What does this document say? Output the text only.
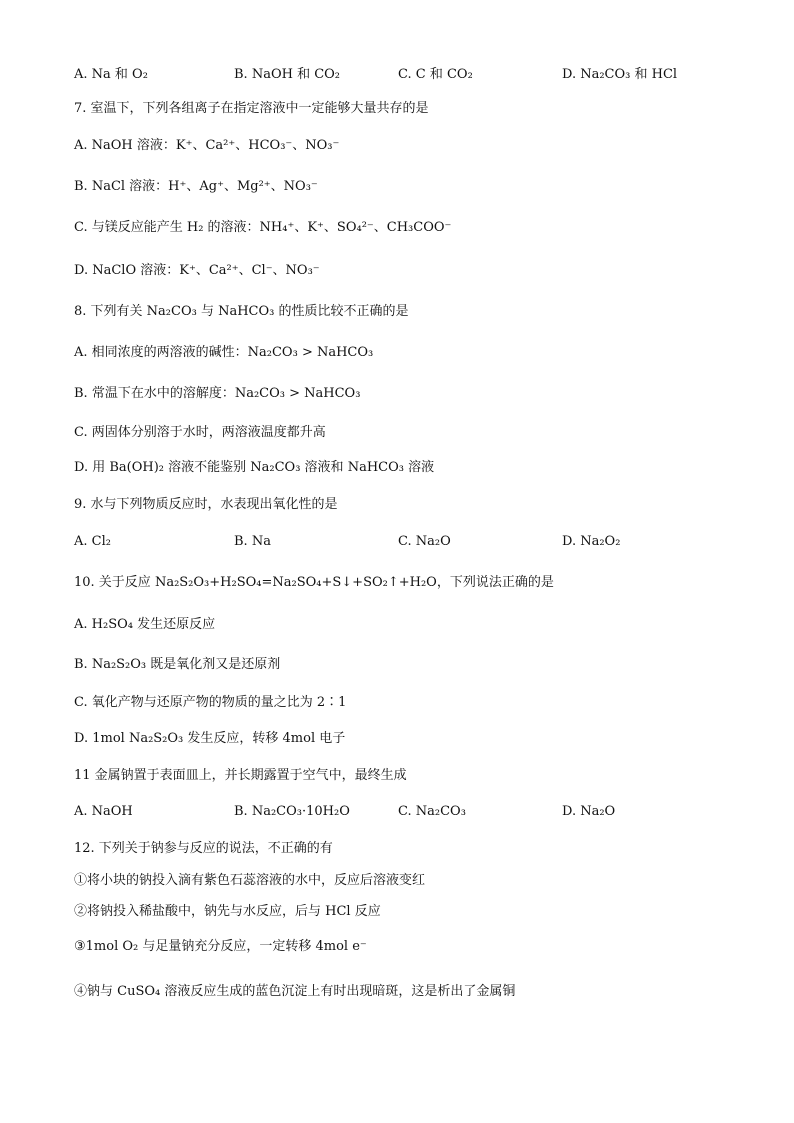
A. Na 和 O₂	B. NaOH 和 CO₂	C. C 和 CO₂	D. Na₂CO₃ 和 HCl
7. 室温下，下列各组离子在指定溶液中一定能够大量共存的是
A. NaOH 溶液：K⁺、Ca²⁺、HCO₃⁻、NO₃⁻
B. NaCl 溶液：H⁺、Ag⁺、Mg²⁺、NO₃⁻
C. 与镁反应能产生 H₂ 的溶液：NH₄⁺、K⁺、SO₄²⁻、CH₃COO⁻
D. NaClO 溶液：K⁺、Ca²⁺、Cl⁻、NO₃⁻
8. 下列有关 Na₂CO₃ 与 NaHCO₃ 的性质比较不正确的是
A. 相同浓度的两溶液的碱性：Na₂CO₃ > NaHCO₃
B. 常温下在水中的溶解度：Na₂CO₃ > NaHCO₃
C. 两固体分别溶于水时，两溶液温度都升高
D. 用 Ba(OH)₂ 溶液不能鉴别 Na₂CO₃ 溶液和 NaHCO₃ 溶液
9. 水与下列物质反应时，水表现出氧化性的是
A. Cl₂	B. Na	C. Na₂O	D. Na₂O₂
10. 关于反应 Na₂S₂O₃+H₂SO₄=Na₂SO₄+S↓+SO₂↑+H₂O，下列说法正确的是
A. H₂SO₄ 发生还原反应
B. Na₂S₂O₃ 既是氧化剂又是还原剂
C. 氧化产物与还原产物的物质的量之比为 2∶1
D. 1mol Na₂S₂O₃ 发生反应，转移 4mol 电子
11 金属钠置于表面皿上，并长期露置于空气中，最终生成
A. NaOH	B. Na₂CO₃·10H₂O	C. Na₂CO₃	D. Na₂O
12. 下列关于钠参与反应的说法，不正确的有
①将小块的钠投入滴有紫色石蕊溶液的水中，反应后溶液变红
②将钠投入稀盐酸中，钠先与水反应，后与 HCl 反应
③1mol O₂ 与足量钠充分反应，一定转移 4mol e⁻
④钠与 CuSO₄ 溶液反应生成的蓝色沉淀上有时出现暗斑，这是析出了金属铜
